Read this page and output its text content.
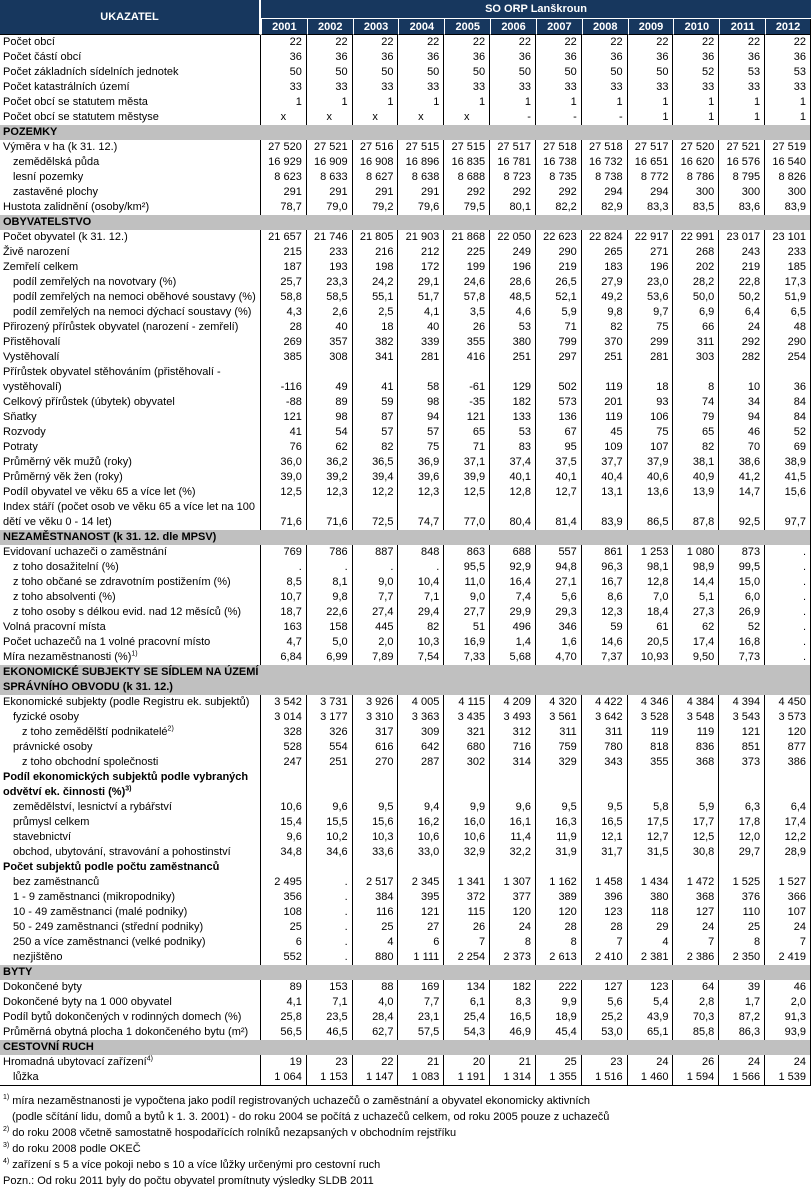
UKAZATEL	SO ORP Lanškroun											
	2001	2002	2003	2004	2005	2006	2007	2008	2009	2010	2011	2012

Počet obcí	22	22	22	22	22	22	22	22	22	22	22	22

Počet částí obcí	36	36	36	36	36	36	36	36	36	36	36	36

Počet základních sídelních jednotek	50	50	50	50	50	50	50	50	50	52	53	53

Počet katastrálních území	33	33	33	33	33	33	33	33	33	33	33	33

Počet obcí se statutem města	1	1	1	1	1	1	1	1	1	1	1	1

Počet obcí se statutem městyse	x	x	x	x	x	-	-	-	1	1	1	1

POZEMKY												

Výměra v ha (k 31. 12.)	27 520	27 521	27 516	27 515	27 515	27 517	27 518	27 518	27 517	27 520	27 521	27 519

zemědělská půda	16 929	16 909	16 908	16 896	16 835	16 781	16 738	16 732	16 651	16 620	16 576	16 540

lesní pozemky	8 623	8 633	8 627	8 638	8 688	8 723	8 735	8 738	8 772	8 786	8 795	8 826

zastavěné plochy	291	291	291	291	292	292	292	294	294	300	300	300

Hustota zalidnění (osoby/km²)	78,7	79,0	79,2	79,6	79,5	80,1	82,2	82,9	83,3	83,5	83,6	83,9

OBYVATELSTVO												

Počet obyvatel (k 31. 12.)	21 657	21 746	21 805	21 903	21 868	22 050	22 623	22 824	22 917	22 991	23 017	23 101

Živě narození	215	233	216	212	225	249	290	265	271	268	243	233

Zemřelí celkem	187	193	198	172	199	196	219	183	196	202	219	185

podíl zemřelých na novotvary (%)	25,7	23,3	24,2	29,1	24,6	28,6	26,5	27,9	23,0	28,2	22,8	17,3

podíl zemřelých na nemoci oběhové soustavy (%)	58,8	58,5	55,1	51,7	57,8	48,5	52,1	49,2	53,6	50,0	50,2	51,9

podíl zemřelých na nemoci dýchací soustavy (%)	4,3	2,6	2,5	4,1	3,5	4,6	5,9	9,8	9,7	6,9	6,4	6,5

Přirozený přírůstek obyvatel (narození - zemřelí)	28	40	18	40	26	53	71	82	75	66	24	48

Přistěhovalí	269	357	382	339	355	380	799	370	299	311	292	290

Vystěhovalí	385	308	341	281	416	251	297	251	281	303	282	254

Přírůstek obyvatel stěhováním (přistěhovalí - vystěhovalí)	-116	49	41	58	-61	129	502	119	18	8	10	36

Celkový přírůstek (úbytek) obyvatel	-88	89	59	98	-35	182	573	201	93	74	34	84

Sňatky	121	98	87	94	121	133	136	119	106	79	94	84

Rozvody	41	54	57	57	65	53	67	45	75	65	46	52

Potraty	76	62	82	75	71	83	95	109	107	82	70	69

Průměrný věk mužů (roky)	36,0	36,2	36,5	36,9	37,1	37,4	37,5	37,7	37,9	38,1	38,6	38,9

Průměrný věk žen (roky)	39,0	39,2	39,4	39,6	39,9	40,1	40,1	40,4	40,6	40,9	41,2	41,5

Podíl obyvatel ve věku 65 a více let (%)	12,5	12,3	12,2	12,3	12,5	12,8	12,7	13,1	13,6	13,9	14,7	15,6

Index stáří (počet osob ve věku 65 a více let na 100 dětí ve věku 0 - 14 let)	71,6	71,6	72,5	74,7	77,0	80,4	81,4	83,9	86,5	87,8	92,5	97,7

NEZAMĚSTNANOST (k 31. 12. dle MPSV)												

Evidovaní uchazeči o zaměstnání	769	786	887	848	863	688	557	861	1 253	1 080	873	.

z toho dosažitelní (%)	.	.	.	.	95,5	92,9	94,8	96,3	98,1	98,9	99,5	.

z toho občané se zdravotním postižením (%)	8,5	8,1	9,0	10,4	11,0	16,4	27,1	16,7	12,8	14,4	15,0	.

z toho absolventi (%)	10,7	9,8	7,7	7,1	9,0	7,4	5,6	8,6	7,0	5,1	6,0	.

z toho osoby s délkou evid. nad 12 měsíců (%)	18,7	22,6	27,4	29,4	27,7	29,9	29,3	12,3	18,4	27,3	26,9	.

Volná pracovní místa	163	158	445	82	51	496	346	59	61	62	52	.

Počet uchazečů na 1 volné pracovní místo	4,7	5,0	2,0	10,3	16,9	1,4	1,6	14,6	20,5	17,4	16,8	.

Míra nezaměstnanosti (%)$^{1)}$	6,84	6,99	7,89	7,54	7,33	5,68	4,70	7,37	10,93	9,50	7,73	.

EKONOMICKÉ SUBJEKTY SE SÍDLEM NA ÚZEMÍ SPRÁVNÍHO OBVODU (k 31. 12.)												

Ekonomické subjekty (podle Registru ek. subjektů)	3 542	3 731	3 926	4 005	4 115	4 209	4 320	4 422	4 346	4 384	4 394	4 450

fyzické osoby	3 014	3 177	3 310	3 363	3 435	3 493	3 561	3 642	3 528	3 548	3 543	3 573

z toho zemědělští podnikatelé$^{2)}$	328	326	317	309	321	312	311	311	119	119	121	120

právnické osoby	528	554	616	642	680	716	759	780	818	836	851	877

z toho obchodní společnosti	247	251	270	287	302	314	329	343	355	368	373	386

Podíl ekonomických subjektů podle vybraných odvětví ek. činnosti (%)$^{3)}$

zemědělství, lesnictví a rybářství	10,6	9,6	9,5	9,4	9,9	9,6	9,5	9,5	5,8	5,9	6,3	6,4

průmysl celkem	15,4	15,5	15,6	16,2	16,0	16,1	16,3	16,5	17,5	17,7	17,8	17,4

stavebnictví	9,6	10,2	10,3	10,6	10,6	11,4	11,9	12,1	12,7	12,5	12,0	12,2

obchod, ubytování, stravování a pohostinství	34,8	34,6	33,6	33,0	32,9	32,2	31,9	31,7	31,5	30,8	29,7	28,9

Počet subjektů podle počtu zaměstnanců												

bez zaměstnanců	2 495	.	2 517	2 345	1 341	1 307	1 162	1 458	1 434	1 472	1 525	1 527

1 - 9 zaměstnanci (mikropodniky)	356	.	384	395	372	377	389	396	380	368	376	366

10 - 49 zaměstnanci (malé podniky)	108	.	116	121	115	120	120	123	118	127	110	107

50 - 249 zaměstnanci (střední podniky)	25	.	25	27	26	24	28	28	29	24	25	24

250 a více zaměstnanci (velké podniky)	6	.	4	6	7	8	8	7	4	7	8	7

nezjištěno	552	.	880	1 111	2 254	2 373	2 613	2 410	2 381	2 386	2 350	2 419

BYTY												

Dokončené byty	89	153	88	169	134	182	222	127	123	64	39	46

Dokončené byty na 1 000 obyvatel	4,1	7,1	4,0	7,7	6,1	8,3	9,9	5,6	5,4	2,8	1,7	2,0

Podíl bytů dokončených v rodinných domech (%)	25,8	23,5	28,4	23,1	25,4	16,5	18,9	25,2	43,9	70,3	87,2	91,3

Průměrná obytná plocha 1 dokončeného bytu (m²)	56,5	46,5	62,7	57,5	54,3	46,9	45,4	53,0	65,1	85,8	86,3	93,9

CESTOVNÍ RUCH												

Hromadná ubytovací zařízení$^{4)}$	19	23	22	21	20	21	25	23	24	26	24	24

lůžka	1 064	1 153	1 147	1 083	1 191	1 314	1 355	1 516	1 460	1 594	1 566	1 539
$^{1)}$ míra nezaměstnanosti je vypočtena jako podíl registrovaných uchazečů o zaměstnání a obyvatel ekonomicky aktivních
(podle sčítání lidu, domů a bytů k 1. 3. 2001) - do roku 2004 se počítá z uchazečů celkem, od roku 2005 pouze z uchazečů
$^{2)}$ do roku 2008 včetně samostatně hospodařících rolníků nezapsaných v obchodním rejstříku
$^{3)}$ do roku 2008 podle OKEČ
$^{4)}$ zařízení s 5 a více pokoji nebo s 10 a více lůžky určenými pro cestovní ruch
Pozn.: Od roku 2011 byly do počtu obyvatel promítnuty výsledky SLDB 2011
